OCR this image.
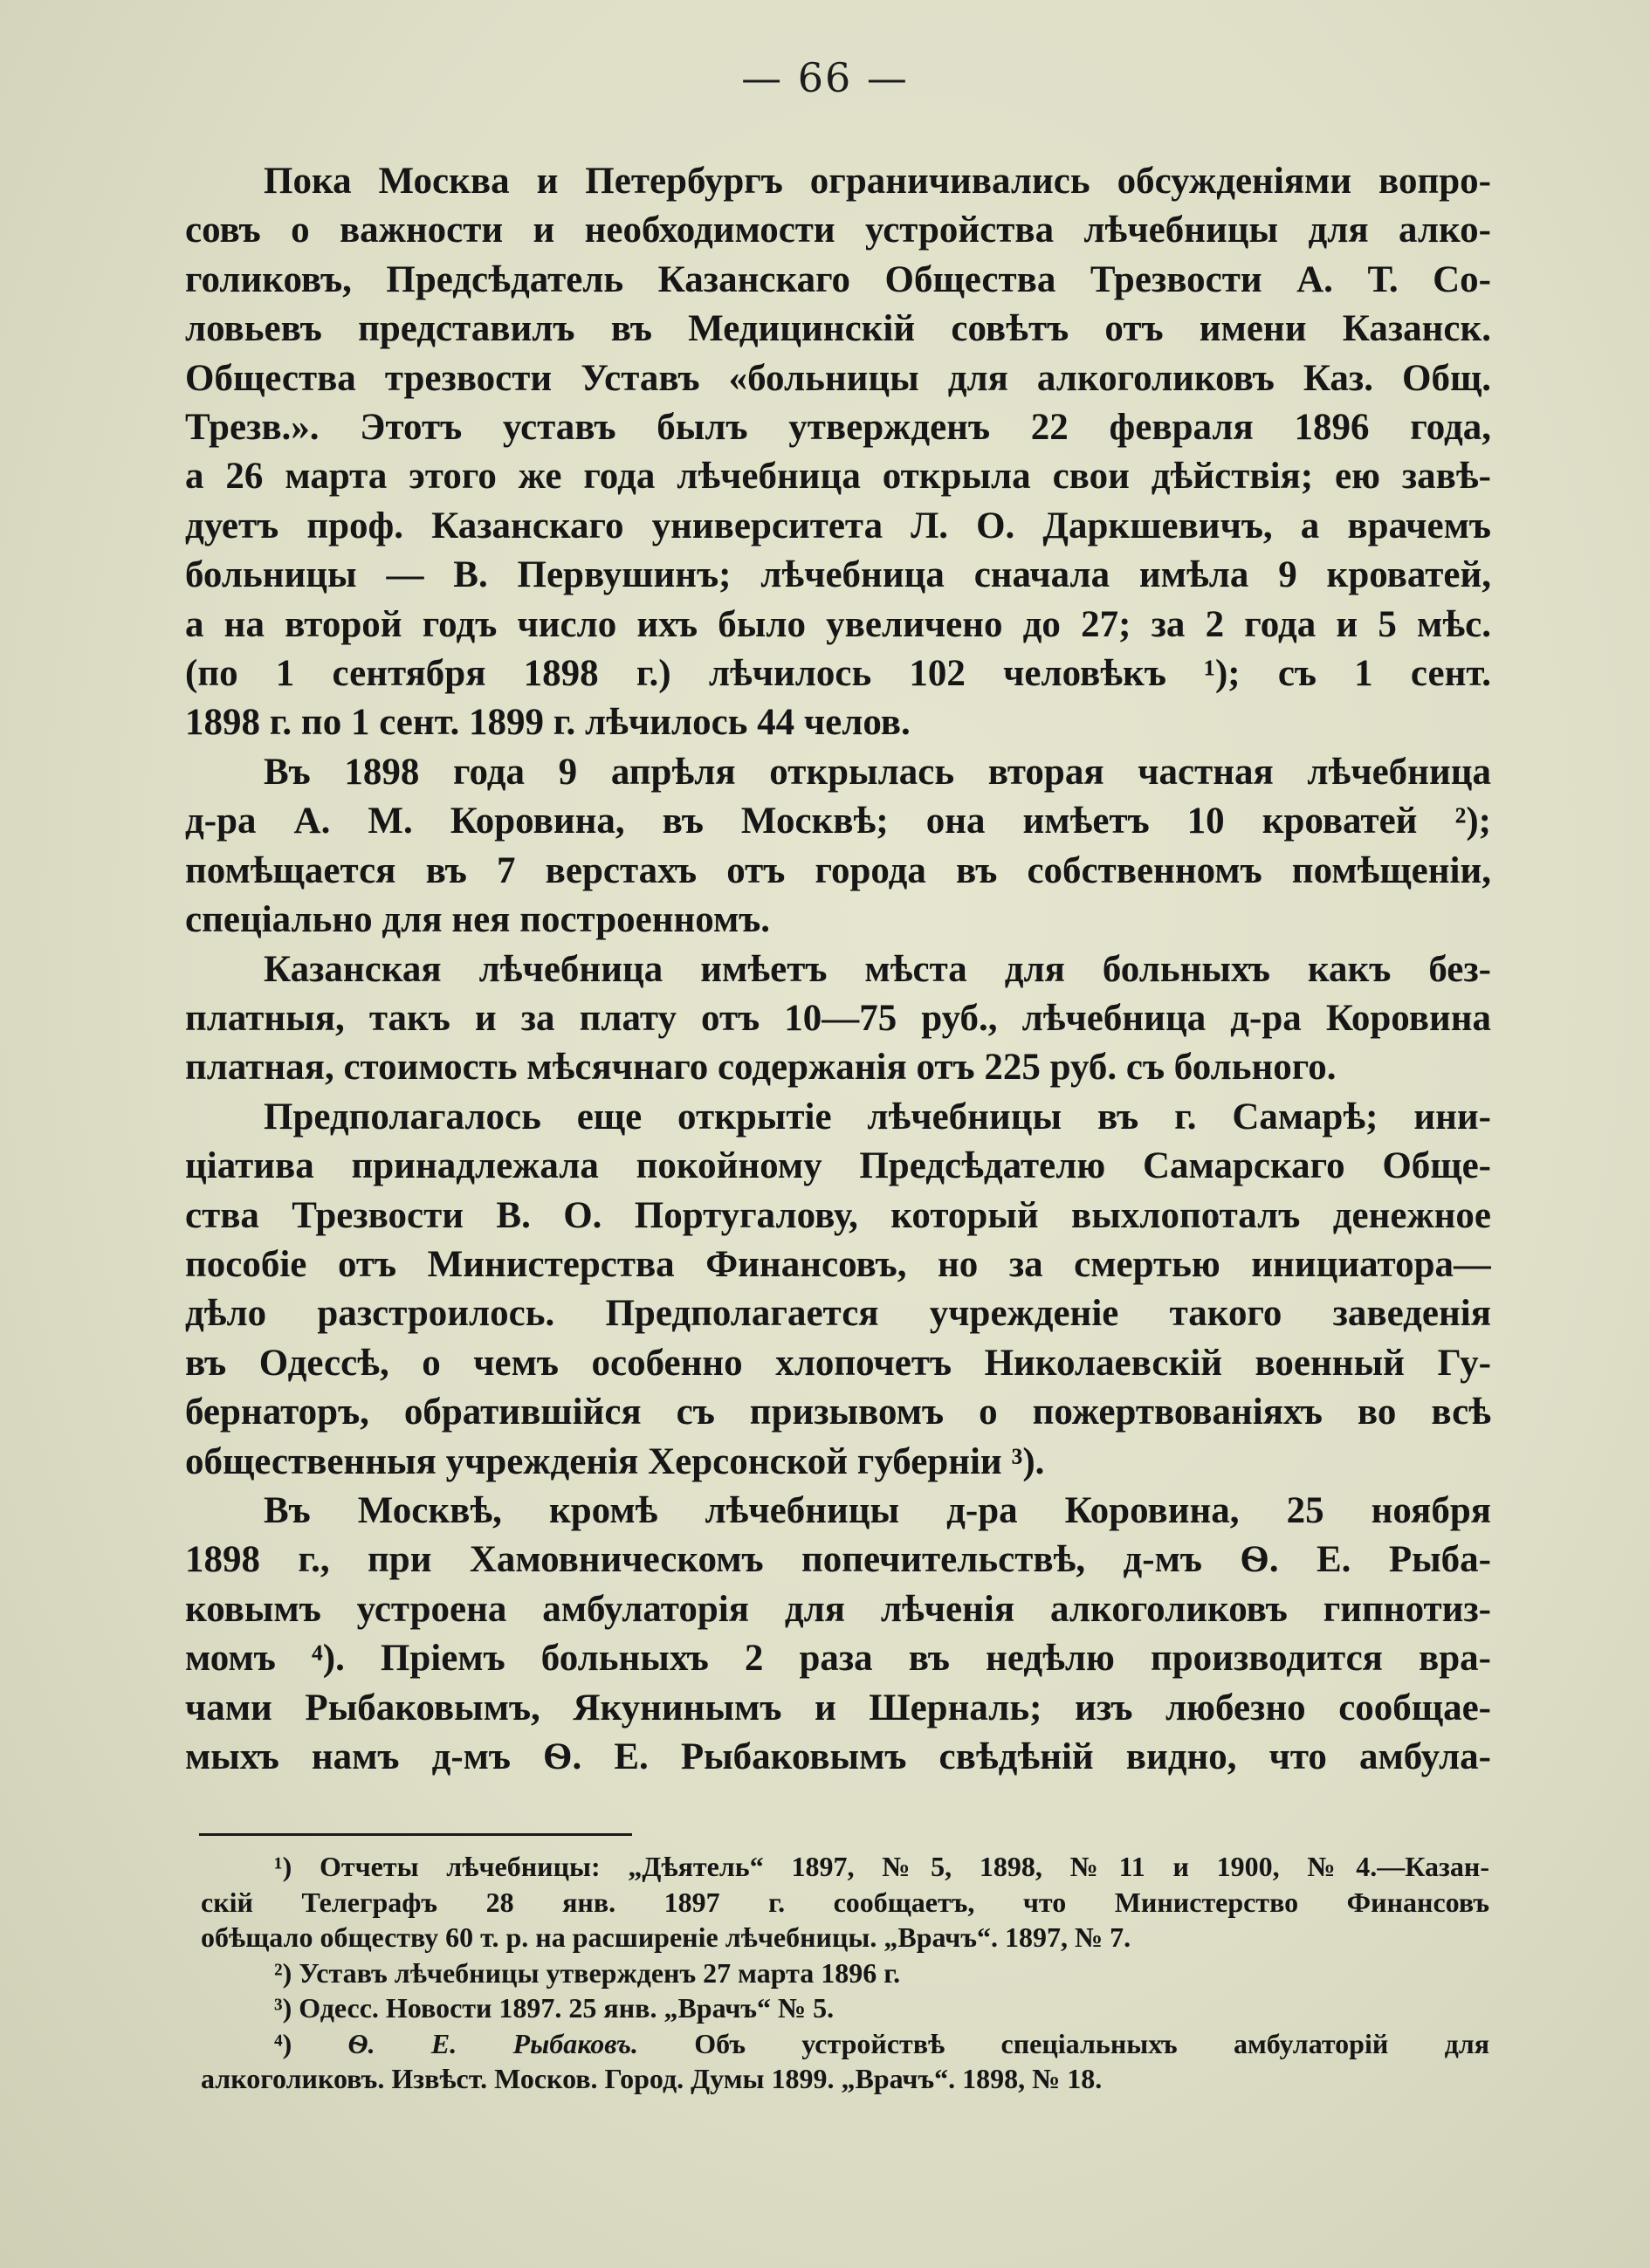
— 66 —

Пока Москва и Петербургъ ограничивались обсужденіями вопро-
совъ о важности и необходимости устройства лѣчебницы для алко-
голиковъ, Предсѣдатель Казанскаго Общества Трезвости А. Т. Со-
ловьевъ представилъ въ Медицинскій совѣтъ отъ имени Казанск.
Общества трезвости Уставъ «больницы для алкоголиковъ Каз. Общ.
Трезв.». Этотъ уставъ былъ утвержденъ 22 февраля 1896 года,
а 26 марта этого же года лѣчебница открыла свои дѣйствія; ею завѣ-
дуетъ проф. Казанскаго университета Л. О. Даркшевичъ, а врачемъ
больницы — В. Первушинъ; лѣчебница сначала имѣла 9 кроватей,
а на второй годъ число ихъ было увеличено до 27; за 2 года и 5 мѣс.
(по 1 сентября 1898 г.) лѣчилось 102 человѣкъ ¹); съ 1 сент.
1898 г. по 1 сент. 1899 г. лѣчилось 44 челов.

Въ 1898 года 9 апрѣля открылась вторая частная лѣчебница
д-ра А. М. Коровина, въ Москвѣ; она имѣетъ 10 кроватей ²);
помѣщается въ 7 верстахъ отъ города въ собственномъ помѣщеніи,
спеціально для нея построенномъ.

Казанская лѣчебница имѣетъ мѣста для больныхъ какъ без-
платныя, такъ и за плату отъ 10—75 руб., лѣчебница д-ра Коровина
платная, стоимость мѣсячнаго содержанія отъ 225 руб. съ больного.

Предполагалось еще открытіе лѣчебницы въ г. Самарѣ; ини-
ціатива принадлежала покойному Предсѣдателю Самарскаго Обще-
ства Трезвости В. О. Португалову, который выхлопоталъ денежное
пособіе отъ Министерства Финансовъ, но за смертью инициатора—
дѣло разстроилось. Предполагается учрежденіе такого заведенія
въ Одессѣ, о чемъ особенно хлопочетъ Николаевскій военный Гу-
бернаторъ, обратившійся съ призывомъ о пожертвованіяхъ во всѣ
общественныя учрежденія Херсонской губерніи ³).

Въ Москвѣ, кромѣ лѣчебницы д-ра Коровина, 25 ноября
1898 г., при Хамовническомъ попечительствѣ, д-мъ Ѳ. Е. Рыба-
ковымъ устроена амбулаторія для лѣченія алкоголиковъ гипнотиз-
момъ ⁴). Пріемъ больныхъ 2 раза въ недѣлю производится вра-
чами Рыбаковымъ, Якунинымъ и Шерналь; изъ любезно сообщае-
мыхъ намъ д-мъ Ѳ. Е. Рыбаковымъ свѣдѣній видно, что амбула-

¹) Отчеты лѣчебницы: „Дѣятель“ 1897, №5, 1898, №11 и 1900, №4.—Казан-
скій Телеграфъ 28 янв. 1897 г. сообщаетъ, что Министерство Финансовъ
обѣщало обществу 60 т. р. на расширеніе лѣчебницы. „Врачъ“. 1897, № 7.
²) Уставъ лѣчебницы утвержденъ 27 марта 1896 г.
³) Одесс. Новости 1897. 25 янв. „Врачъ“ № 5.
⁴) Ѳ. Е. Рыбаковъ. Объ устройствѣ спеціальныхъ амбулаторій для
алкоголиковъ. Извѣст. Москов. Город. Думы 1899. „Врачъ“. 1898, № 18.
